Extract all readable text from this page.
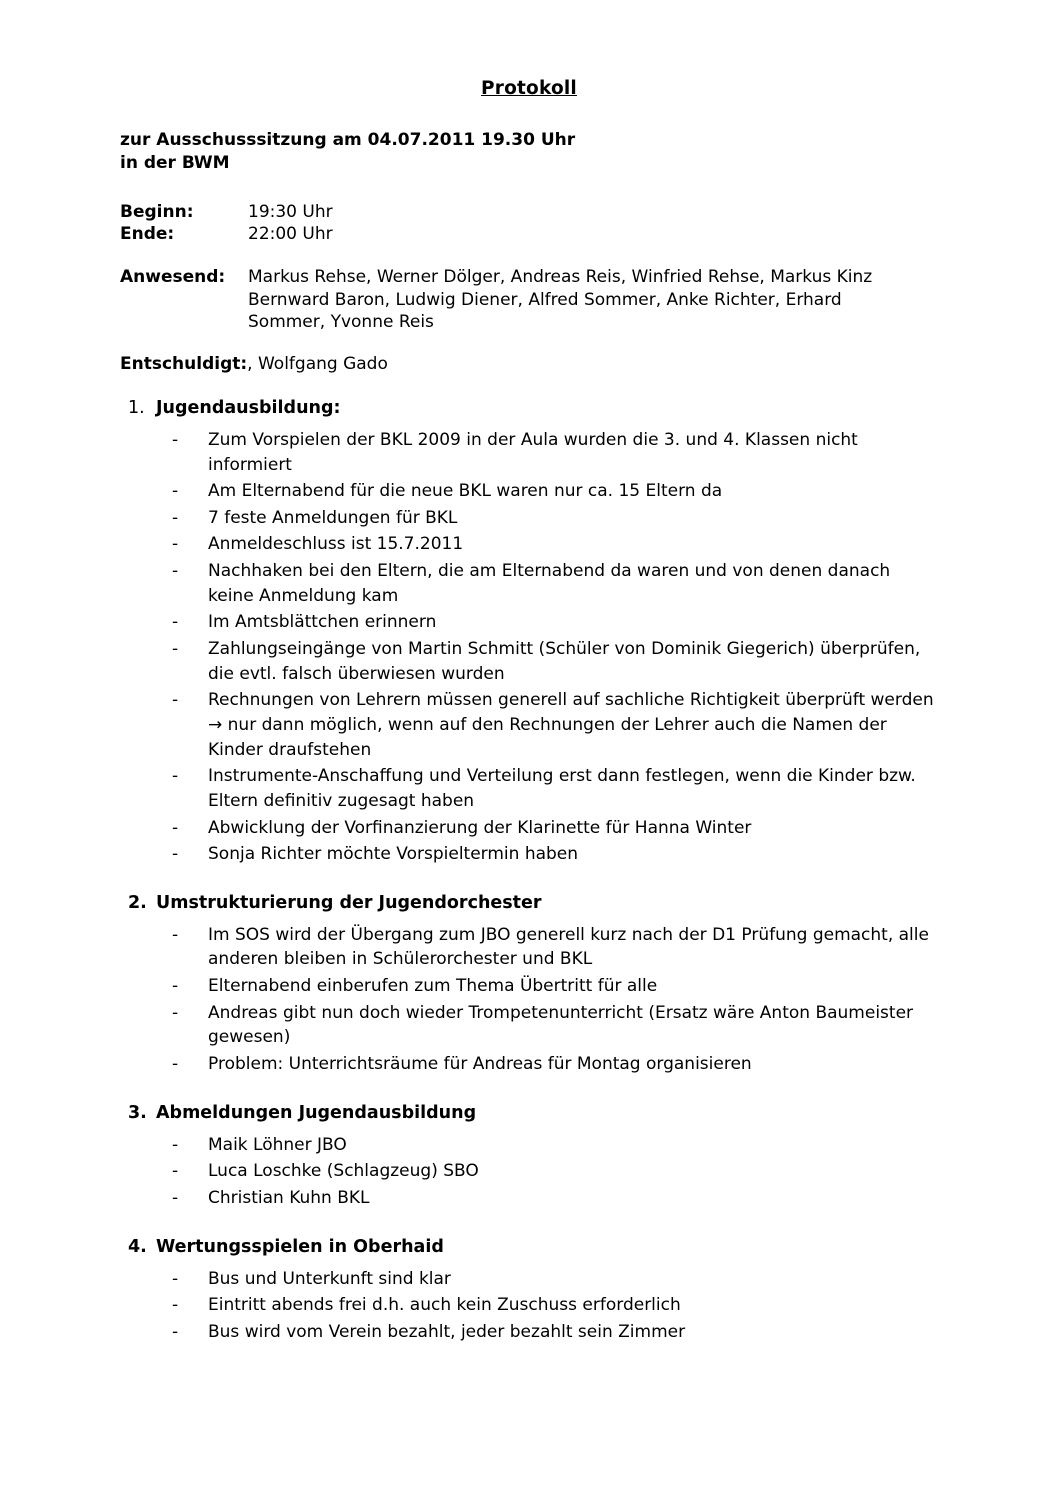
Protokoll
zur Ausschusssitzung am 04.07.2011 19.30 Uhr
in der BWM
Beginn:	19:30 Uhr
Ende:	22:00 Uhr
Anwesend:	Markus Rehse, Werner Dölger, Andreas Reis, Winfried Rehse, Markus Kinz
Bernward Baron, Ludwig Diener, Alfred Sommer, Anke Richter, Erhard
Sommer, Yvonne Reis
Entschuldigt:, Wolfgang Gado
1. Jugendausbildung:
- Zum Vorspielen der BKL 2009 in der Aula wurden die 3. und 4. Klassen nicht informiert
- Am Elternabend für die neue BKL waren nur ca. 15 Eltern da
- 7 feste Anmeldungen für BKL
- Anmeldeschluss ist 15.7.2011
- Nachhaken bei den Eltern, die am Elternabend da waren und von denen danach keine Anmeldung kam
- Im Amtsblättchen erinnern
- Zahlungseingänge von Martin Schmitt (Schüler von Dominik Giegerich) überprüfen, die evtl. falsch überwiesen wurden
- Rechnungen von Lehrern müssen generell auf sachliche Richtigkeit überprüft werden → nur dann möglich, wenn auf den Rechnungen der Lehrer auch die Namen der Kinder draufstehen
- Instrumente-Anschaffung und Verteilung erst dann festlegen, wenn die Kinder bzw. Eltern definitiv zugesagt haben
- Abwicklung der Vorfinanzierung der Klarinette für Hanna Winter
- Sonja Richter möchte Vorspieltermin haben
2. Umstrukturierung der Jugendorchester
- Im SOS wird der Übergang zum JBO generell kurz nach der D1 Prüfung gemacht, alle anderen bleiben in Schülerorchester und BKL
- Elternabend einberufen zum Thema Übertritt für alle
- Andreas gibt nun doch wieder Trompetenunterricht (Ersatz wäre Anton Baumeister gewesen)
- Problem: Unterrichtsräume für Andreas für Montag organisieren
3. Abmeldungen Jugendausbildung
- Maik Löhner JBO
- Luca Loschke (Schlagzeug) SBO
- Christian Kuhn BKL
4. Wertungsspielen in Oberhaid
- Bus und Unterkunft sind klar
- Eintritt abends frei d.h. auch kein Zuschuss erforderlich
- Bus wird vom Verein bezahlt, jeder bezahlt sein Zimmer
